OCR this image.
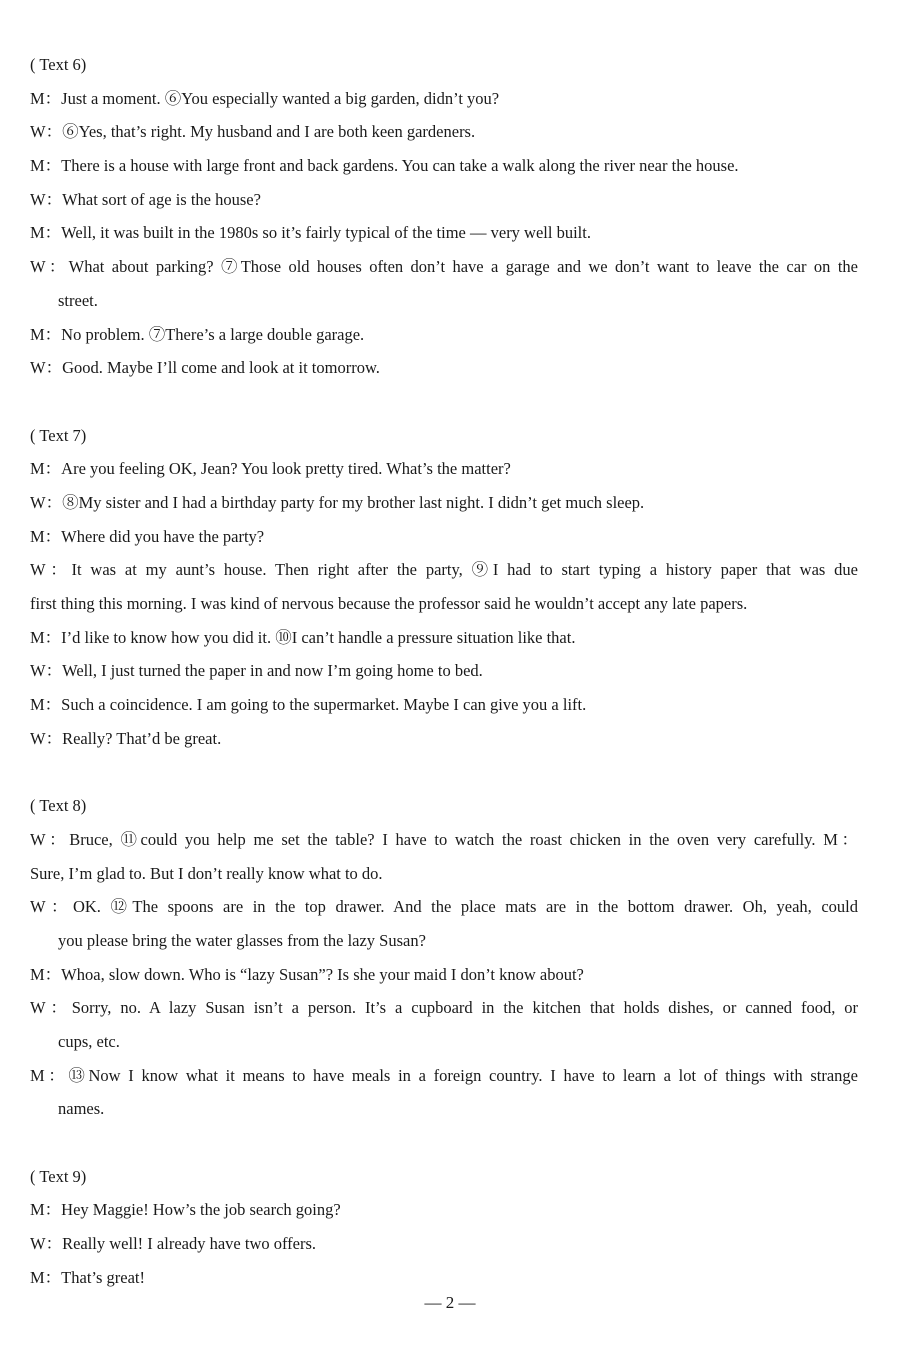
( Text 6)
M：Just a moment. ⑥You especially wanted a big garden, didn’t you?
W：⑥Yes, that’s right. My husband and I are both keen gardeners.
M：There is a house with large front and back gardens. You can take a walk along the river near the house.
W：What sort of age is the house?
M：Well, it was built in the 1980s so it’s fairly typical of the time — very well built.
W：What about parking? ⑦Those old houses often don’t have a garage and we don’t want to leave the car on the
street.
M：No problem. ⑦There’s a large double garage.
W：Good. Maybe I’ll come and look at it tomorrow.
( Text 7)
M：Are you feeling OK, Jean? You look pretty tired. What’s the matter?
W：⑧My sister and I had a birthday party for my brother last night. I didn’t get much sleep.
M：Where did you have the party?
W：It was at my aunt’s house. Then right after the party, ⑨I had to start typing a history paper that was due
first thing this morning. I was kind of nervous because the professor said he wouldn’t accept any late papers.
M：I’d like to know how you did it. ⑩I can’t handle a pressure situation like that.
W：Well, I just turned the paper in and now I’m going home to bed.
M：Such a coincidence. I am going to the supermarket. Maybe I can give you a lift.
W：Really? That’d be great.
( Text 8)
W：Bruce, ⑪could you help me set the table? I have to watch the roast chicken in the oven very carefully. M：
Sure, I’m glad to. But I don’t really know what to do.
W：OK. ⑫The spoons are in the top drawer. And the place mats are in the bottom drawer. Oh, yeah, could
you please bring the water glasses from the lazy Susan?
M：Whoa, slow down. Who is “lazy Susan”? Is she your maid I don’t know about?
W：Sorry, no. A lazy Susan isn’t a person. It’s a cupboard in the kitchen that holds dishes, or canned food, or
cups, etc.
M：⑬Now I know what it means to have meals in a foreign country. I have to learn a lot of things with strange
names.
( Text 9)
M：Hey Maggie! How’s the job search going?
W：Really well! I already have two offers.
M：That’s great!
— 2 —
